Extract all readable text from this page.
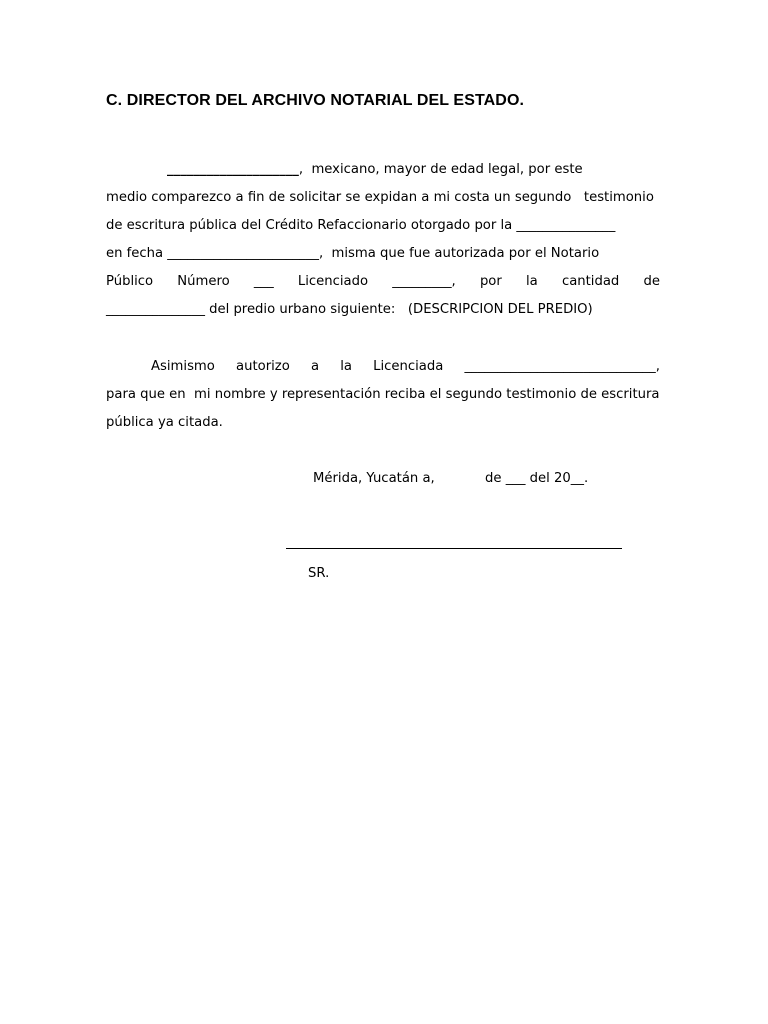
C. DIRECTOR DEL ARCHIVO NOTARIAL DEL ESTADO.
____________________,  mexicano, mayor de edad legal, por este
medio comparezco a fin de solicitar se expidan a mi costa un segundo   testimonio
de escritura pública del Crédito Refaccionario otorgado por la _______________
en fecha _______________________,  misma que fue autorizada por el Notario
Público Número ___ Licenciado _________, por la cantidad de
_______________ del predio urbano siguiente:   (DESCRIPCION DEL PREDIO)
Asimismo autorizo a la Licenciada _____________________________,
para que en  mi nombre y representación reciba el segundo testimonio de escritura
pública ya citada.
Mérida, Yucatán a,            de ___ del 20__.
SR.
